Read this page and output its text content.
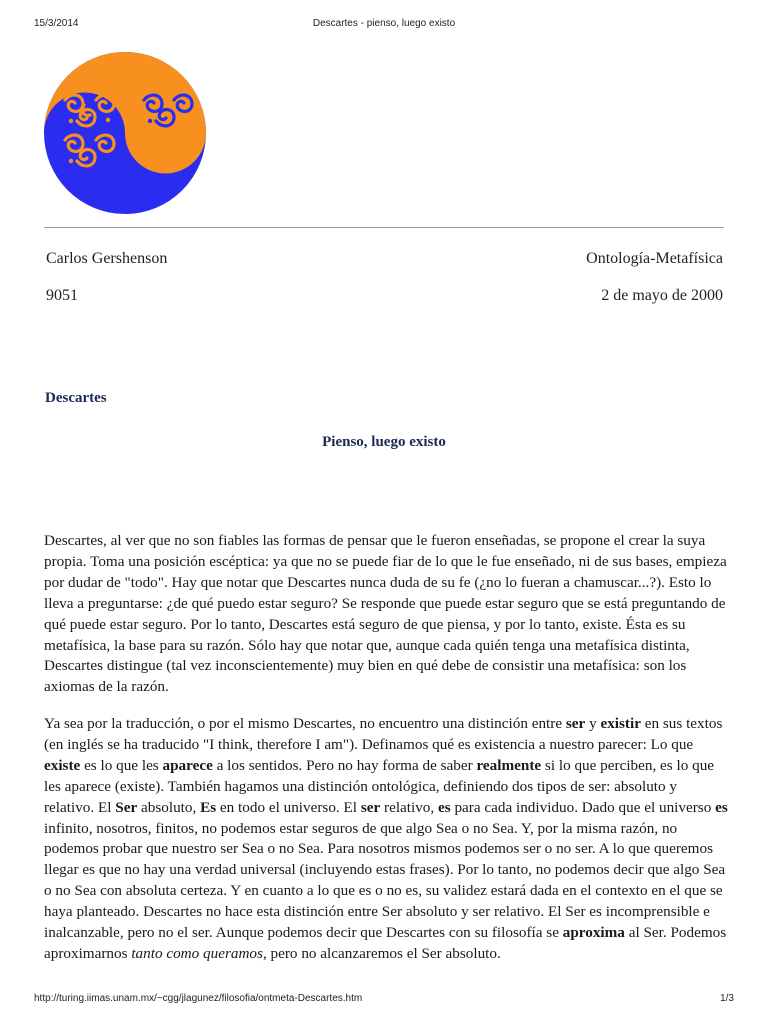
15/3/2014	Descartes - pienso, luego existo
Carlos Gershenson	Ontología-Metafísica
9051	2 de mayo de 2000
Descartes
Pienso, luego existo

Descartes, al ver que no son fiables las formas de pensar que le fueron enseñadas, se propone el crear la suya propia. Toma una posición escéptica: ya que no se puede fiar de lo que le fue enseñado, ni de sus bases, empieza por dudar de "todo". Hay que notar que Descartes nunca duda de su fe (¿no lo fueran a chamuscar...?). Esto lo lleva a preguntarse: ¿de qué puedo estar seguro? Se responde que puede estar seguro que se está preguntando de qué puede estar seguro. Por lo tanto, Descartes está seguro de que piensa, y por lo tanto, existe. Ésta es su metafísica, la base para su razón. Sólo hay que notar que, aunque cada quién tenga una metafísica distinta, Descartes distingue (tal vez inconscientemente) muy bien en qué debe de consistir una metafísica: son los axiomas de la razón.

Ya sea por la traducción, o por el mismo Descartes, no encuentro una distinción entre ser y existir en sus textos (en inglés se ha traducido "I think, therefore I am"). Definamos qué es existencia a nuestro parecer: Lo que existe es lo que les aparece a los sentidos. Pero no hay forma de saber realmente si lo que perciben, es lo que les aparece (existe). También hagamos una distinción ontológica, definiendo dos tipos de ser: absoluto y relativo. El Ser absoluto, Es en todo el universo. El ser relativo, es para cada individuo. Dado que el universo es infinito, nosotros, finitos, no podemos estar seguros de que algo Sea o no Sea. Y, por la misma razón, no podemos probar que nuestro ser Sea o no Sea. Para nosotros mismos podemos ser o no ser. A lo que queremos llegar es que no hay una verdad universal (incluyendo estas frases). Por lo tanto, no podemos decir que algo Sea o no Sea con absoluta certeza. Y en cuanto a lo que es o no es, su validez estará dada en el contexto en el que se haya planteado. Descartes no hace esta distinción entre Ser absoluto y ser relativo. El Ser es incomprensible e inalcanzable, pero no el ser. Aunque podemos decir que Descartes con su filosofía se aproxima al Ser. Podemos aproximarnos tanto como queramos, pero no alcanzaremos el Ser absoluto.

http://turing.iimas.unam.mx/~cgg/jlagunez/filosofia/ontmeta-Descartes.htm	1/3
